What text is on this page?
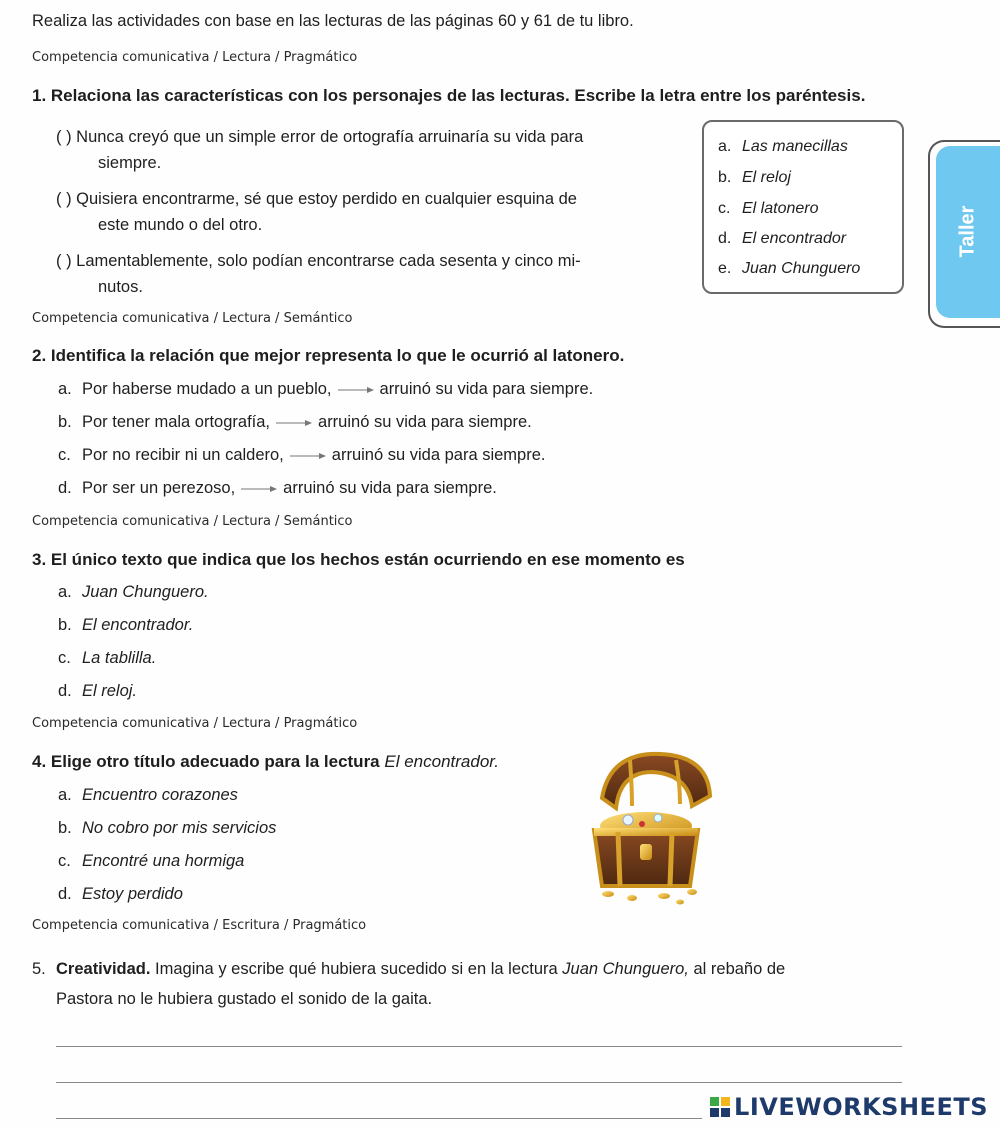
Realiza las actividades con base en las lecturas de las páginas 60 y 61 de tu libro.
Competencia comunicativa / Lectura / Pragmático
1. Relaciona las características con los personajes de las lecturas. Escribe la letra entre los paréntesis.
( ) Nunca creyó que un simple error de ortografía arruinaría su vida para
siempre.
( ) Quisiera encontrarme, sé que estoy perdido en cualquier esquina de
este mundo o del otro.
( ) Lamentablemente, solo podían encontrarse cada sesenta y cinco mi-
nutos.
a. Las manecillas
b. El reloj
c. El latonero
d. El encontrador
e. Juan Chunguero
Taller
Competencia comunicativa / Lectura / Semántico
2. Identifica la relación que mejor representa lo que le ocurrió al latonero.
a. Por haberse mudado a un pueblo,	arruinó su vida para siempre.
b. Por tener mala ortografía,	arruinó su vida para siempre.
c. Por no recibir ni un caldero,	arruinó su vida para siempre.
d. Por ser un perezoso,	arruinó su vida para siempre.
Competencia comunicativa / Lectura / Semántico
3. El único texto que indica que los hechos están ocurriendo en ese momento es
a. Juan Chunguero.
b. El encontrador.
c. La tablilla.
d. El reloj.
Competencia comunicativa / Lectura / Pragmático
4. Elige otro título adecuado para la lectura El encontrador.
a. Encuentro corazones
b. No cobro por mis servicios
c. Encontré una hormiga
d. Estoy perdido
Competencia comunicativa / Escritura / Pragmático
5. Creatividad. Imagina y escribe qué hubiera sucedido si en la lectura Juan Chunguero, al rebaño de
Pastora no le hubiera gustado el sonido de la gaita.
LIVEWORKSHEETS
